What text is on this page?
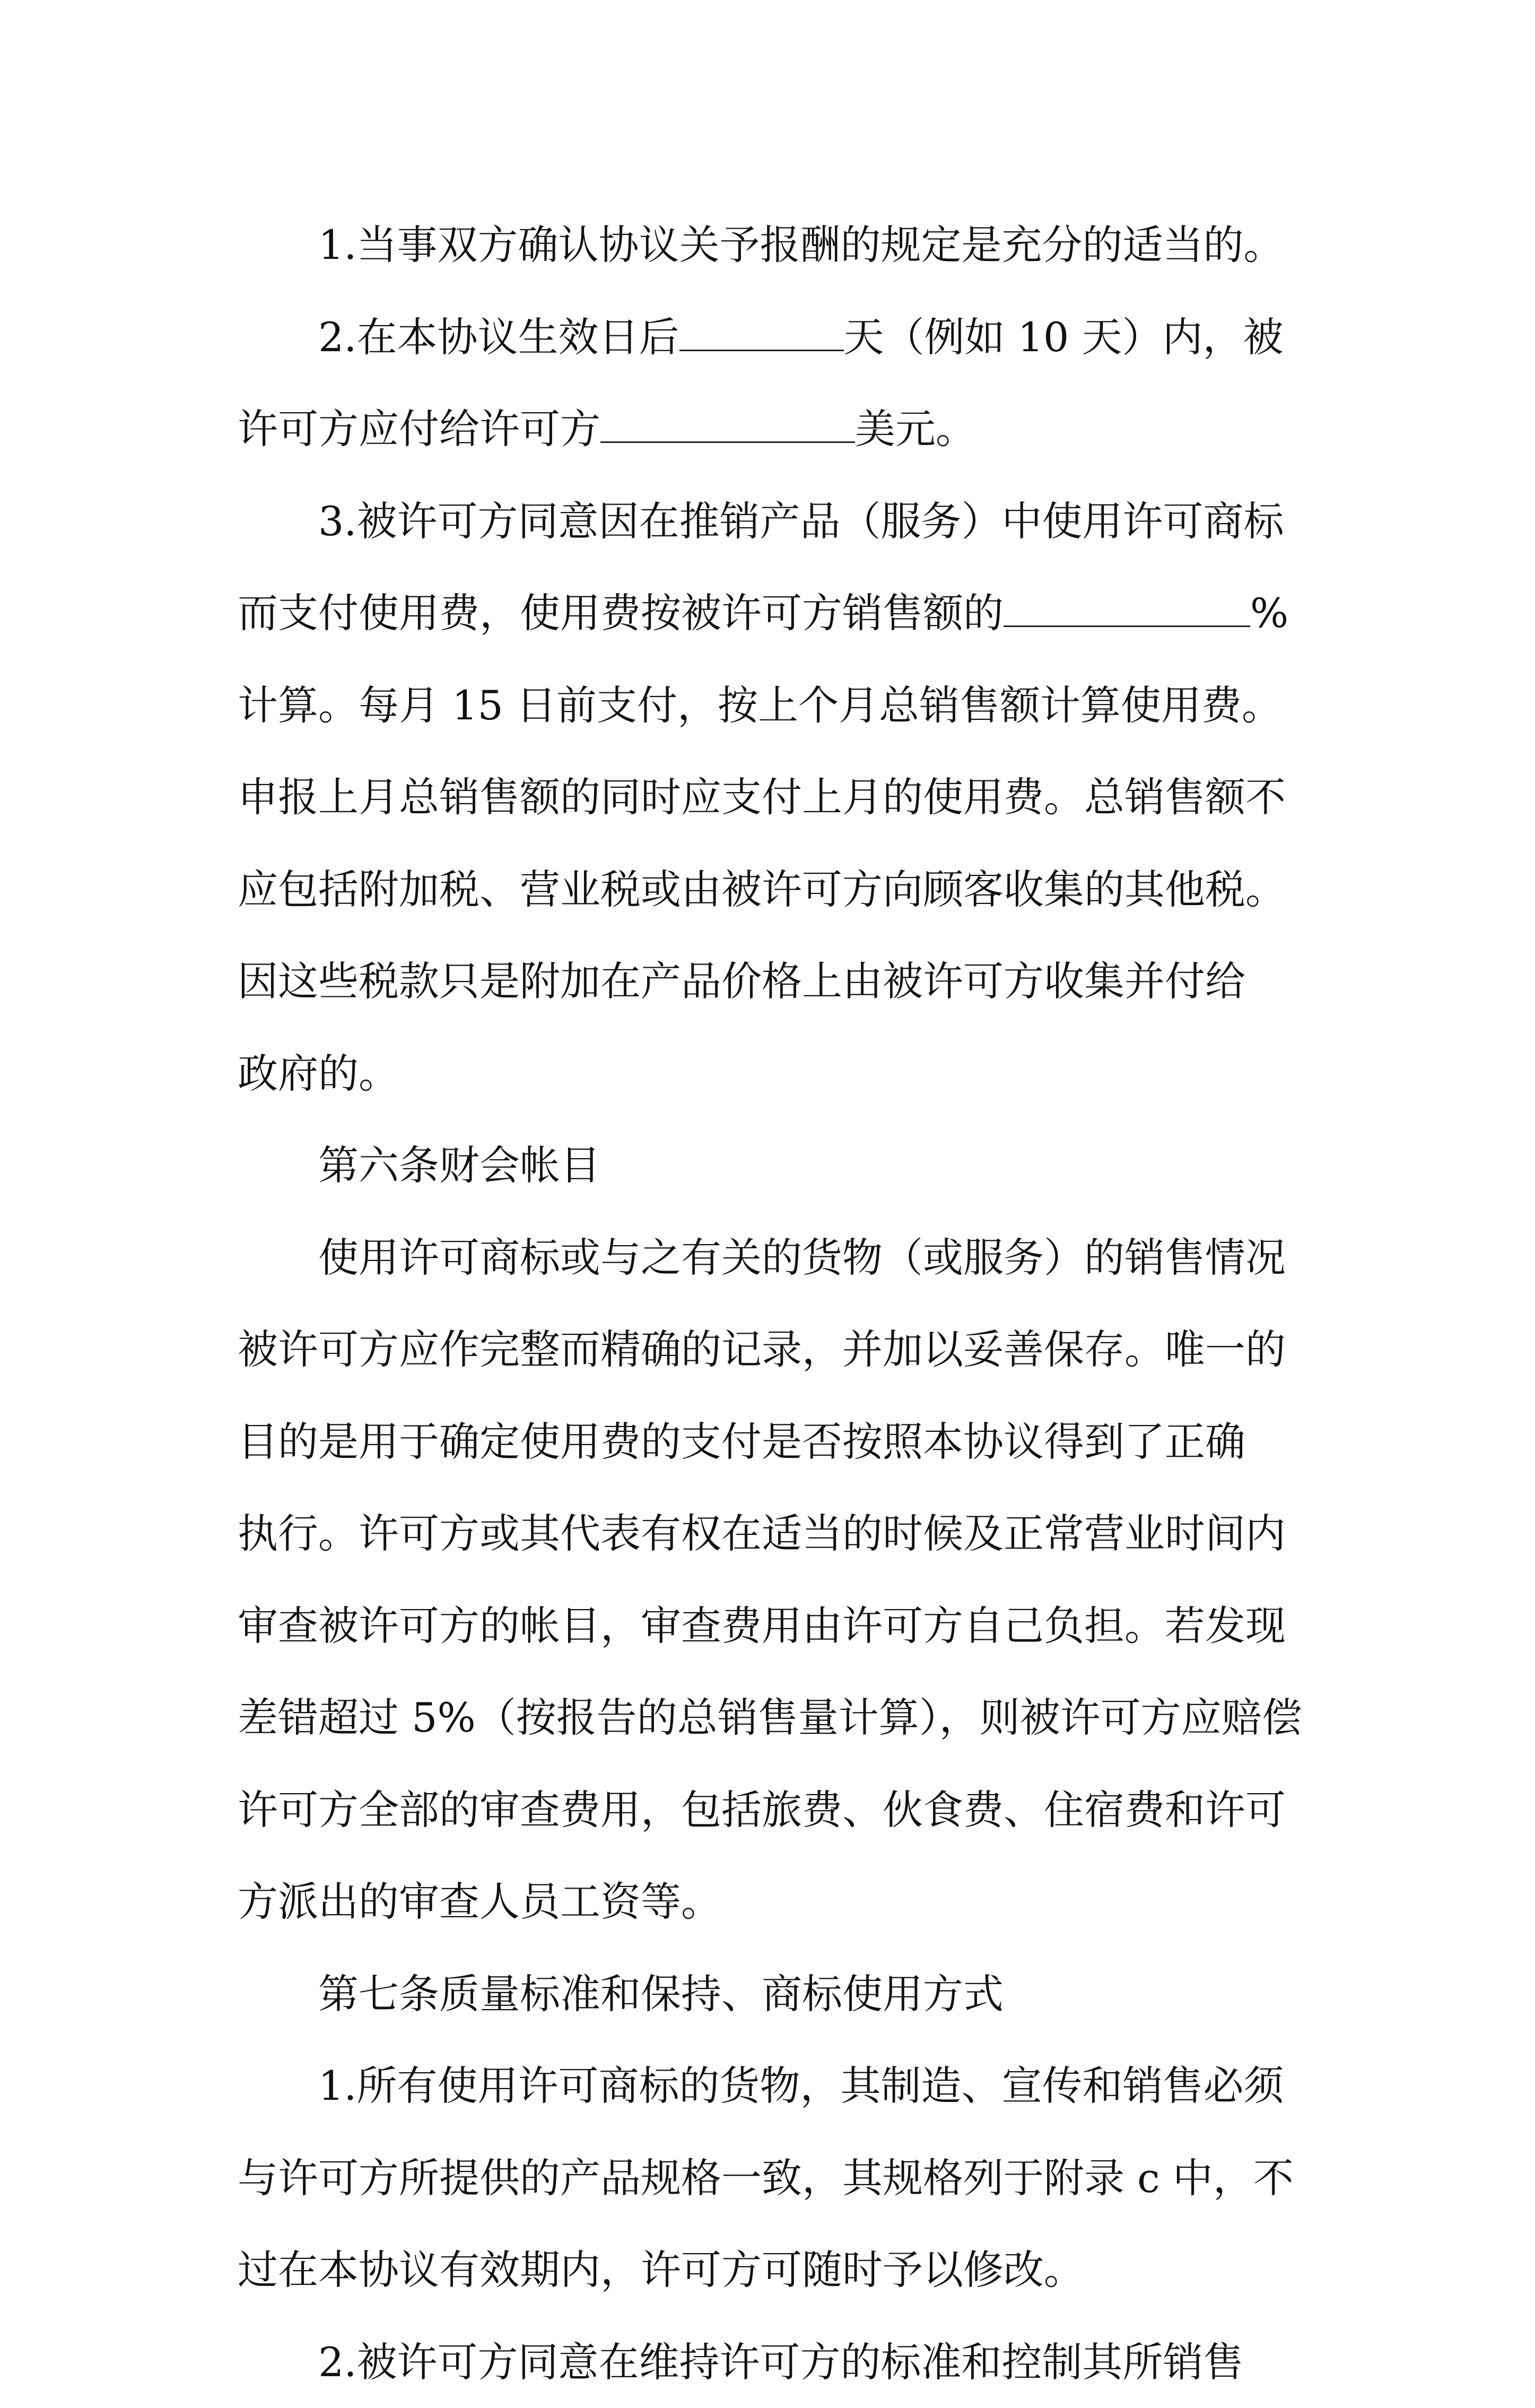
1.当事双方确认协议关予报酬的规定是充分的适当的。
2.在本协议生效日后	天（例如 10 天）内，被
许可方应付给许可方	美元。
3.被许可方同意因在推销产品（服务）中使用许可商标
而支付使用费，使用费按被许可方销售额的	%
计算。每月 15 日前支付，按上个月总销售额计算使用费。
申报上月总销售额的同时应支付上月的使用费。总销售额不
应包括附加税、营业税或由被许可方向顾客收集的其他税。
因这些税款只是附加在产品价格上由被许可方收集并付给
政府的。
第六条财会帐目
使用许可商标或与之有关的货物（或服务）的销售情况
被许可方应作完整而精确的记录，并加以妥善保存。唯一的
目的是用于确定使用费的支付是否按照本协议得到了正确
执行。许可方或其代表有权在适当的时候及正常营业时间内
审查被许可方的帐目，审查费用由许可方自己负担。若发现
差错超过 5%（按报告的总销售量计算），则被许可方应赔偿
许可方全部的审查费用，包括旅费、伙食费、住宿费和许可
方派出的审查人员工资等。
第七条质量标准和保持、商标使用方式
1.所有使用许可商标的货物，其制造、宣传和销售必须
与许可方所提供的产品规格一致，其规格列于附录 c 中，不
过在本协议有效期内，许可方可随时予以修改。
2.被许可方同意在维持许可方的标准和控制其所销售
